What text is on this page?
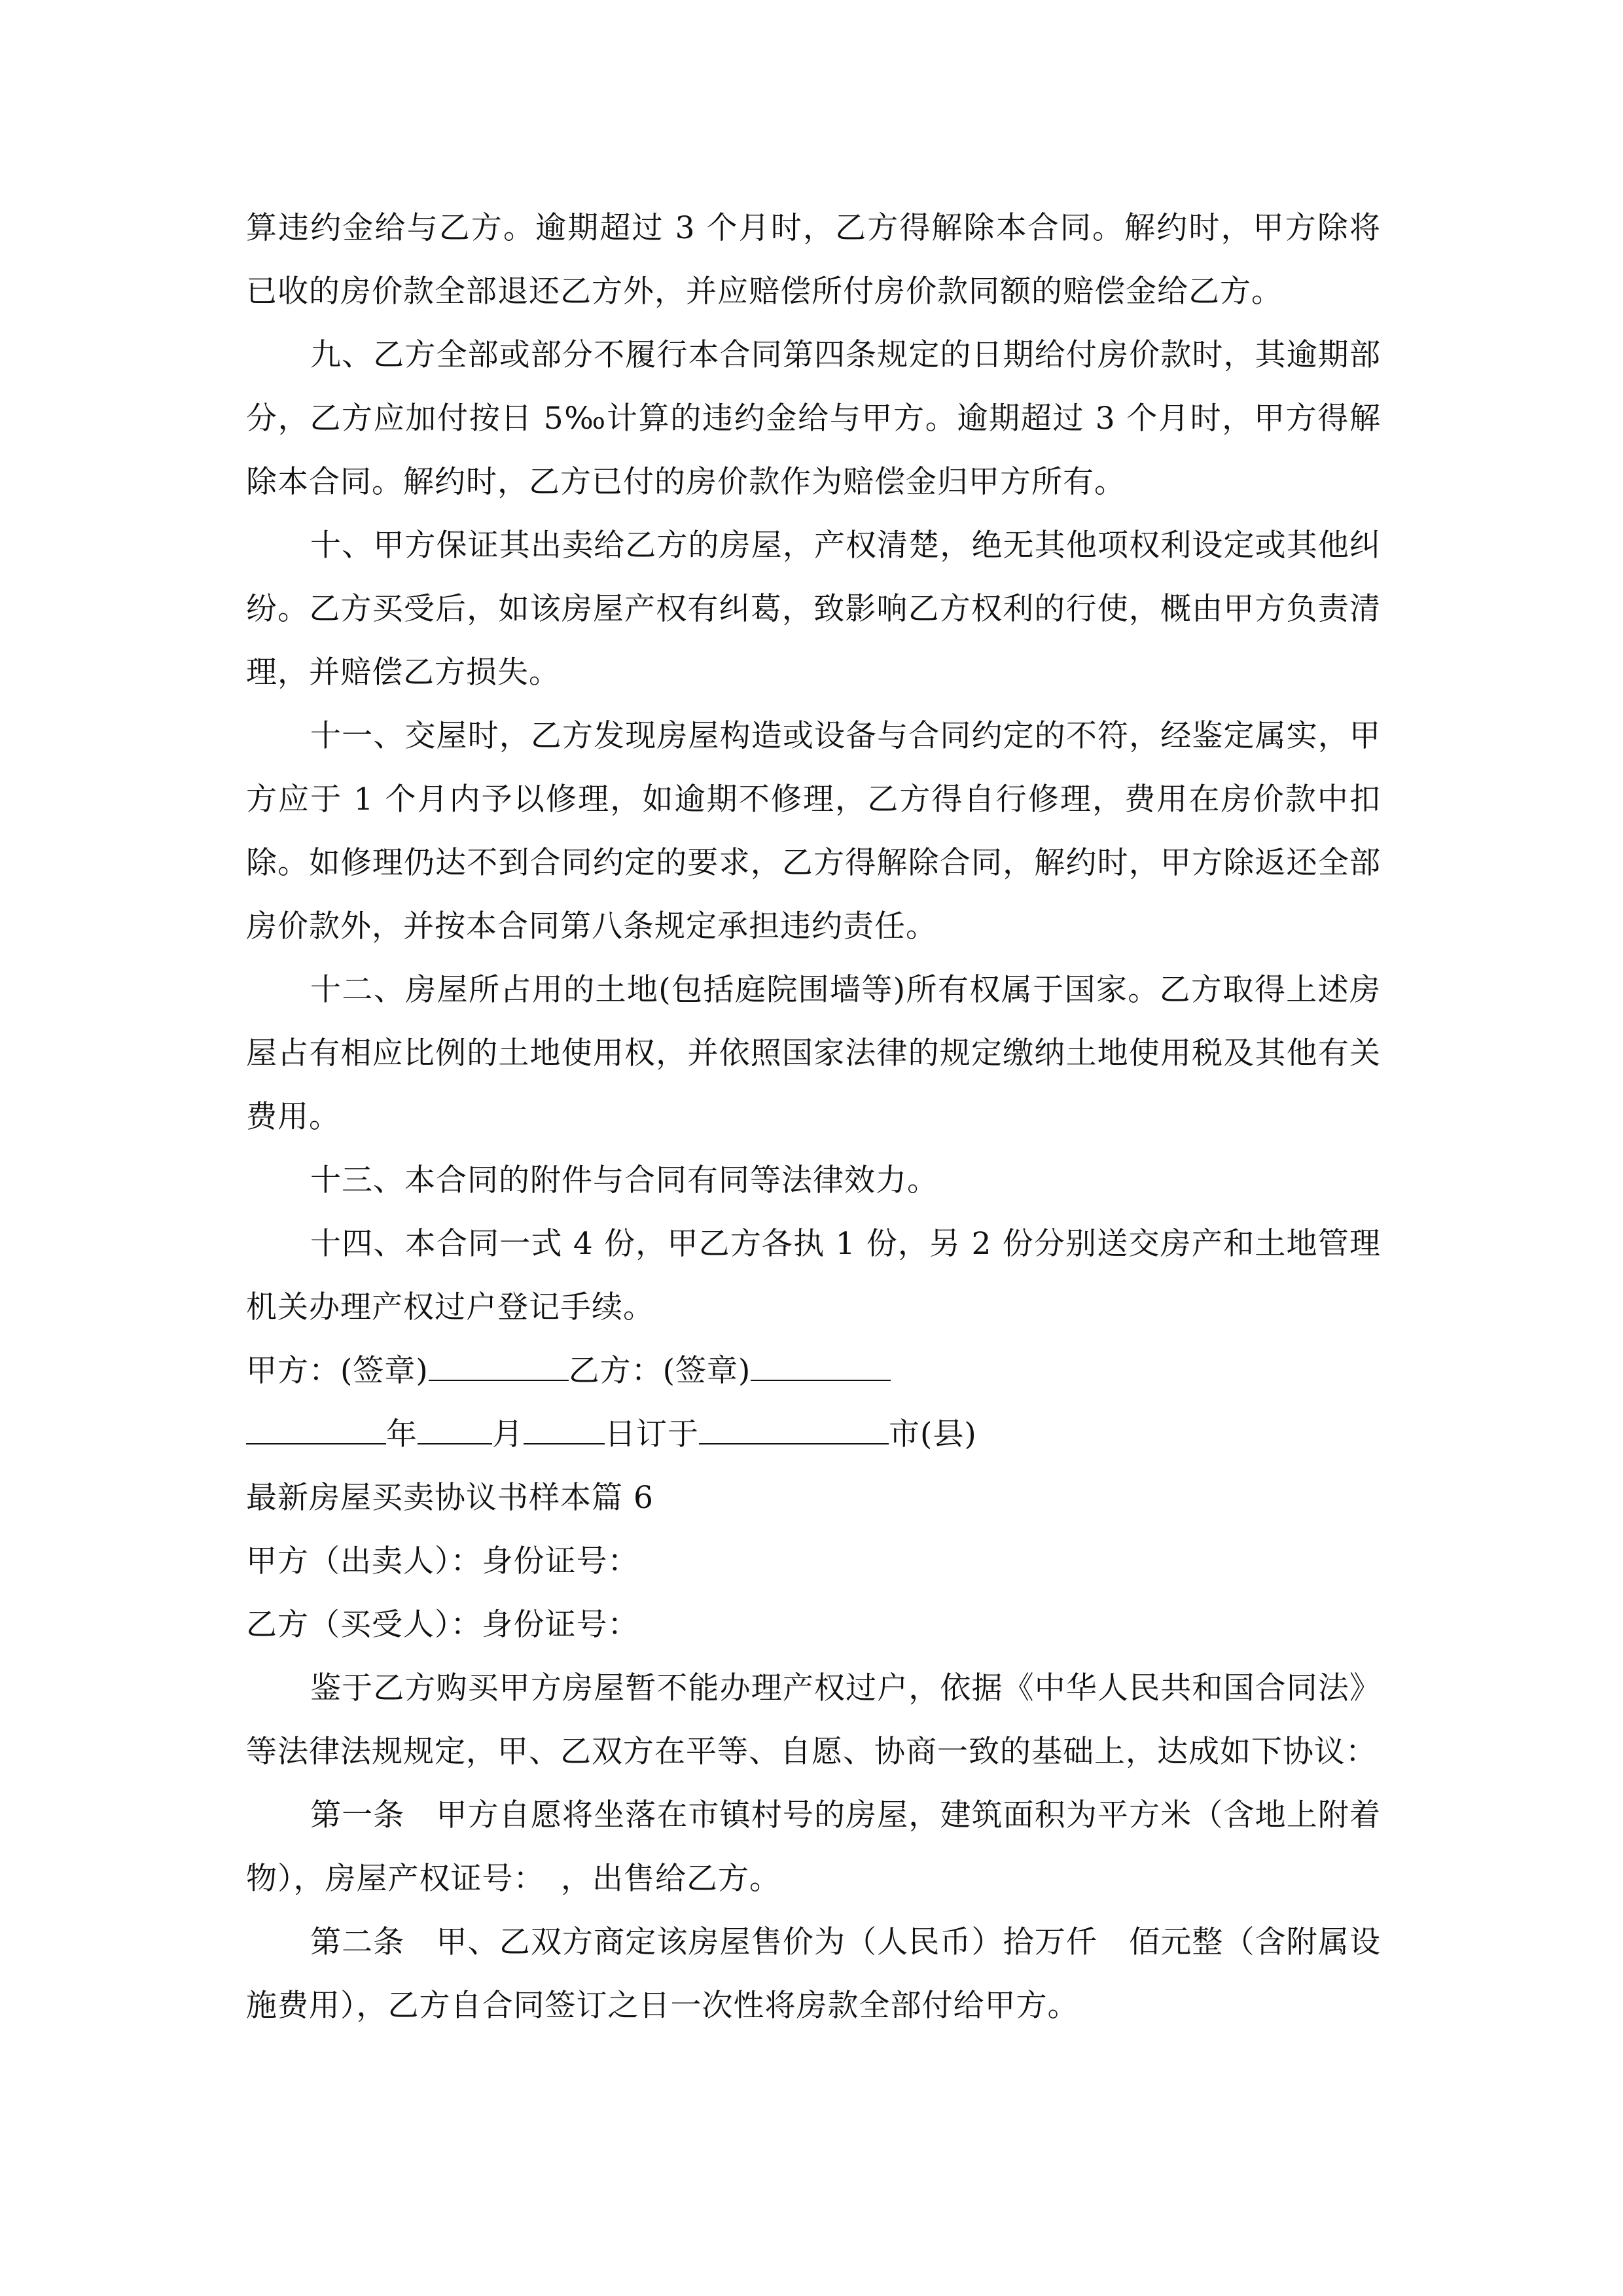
算违约金给与乙方。逾期超过 3 个月时，乙方得解除本合同。解约时，甲方除将已收的房价款全部退还乙方外，并应赔偿所付房价款同额的赔偿金给乙方。

九、乙方全部或部分不履行本合同第四条规定的日期给付房价款时，其逾期部分，乙方应加付按日 5‰计算的违约金给与甲方。逾期超过 3 个月时，甲方得解除本合同。解约时，乙方已付的房价款作为赔偿金归甲方所有。

十、甲方保证其出卖给乙方的房屋，产权清楚，绝无其他项权利设定或其他纠纷。乙方买受后，如该房屋产权有纠葛，致影响乙方权利的行使，概由甲方负责清理，并赔偿乙方损失。

十一、交屋时，乙方发现房屋构造或设备与合同约定的不符，经鉴定属实，甲方应于 1 个月内予以修理，如逾期不修理，乙方得自行修理，费用在房价款中扣除。如修理仍达不到合同约定的要求，乙方得解除合同，解约时，甲方除返还全部房价款外，并按本合同第八条规定承担违约责任。

十二、房屋所占用的土地(包括庭院围墙等)所有权属于国家。乙方取得上述房屋占有相应比例的土地使用权，并依照国家法律的规定缴纳土地使用税及其他有关费用。

十三、本合同的附件与合同有同等法律效力。

十四、本合同一式 4 份，甲乙方各执 1 份，另 2 份分别送交房产和土地管理机关办理产权过户登记手续。

甲方：(签章)	乙方：(签章)

年 月	日订于	市(县)

最新房屋买卖协议书样本篇 6

甲方（出卖人）：身份证号：

乙方（买受人）：身份证号：

鉴于乙方购买甲方房屋暂不能办理产权过户，依据《中华人民共和国合同法》等法律法规规定，甲、乙双方在平等、自愿、协商一致的基础上，达成如下协议：

第一条　甲方自愿将坐落在市镇村号的房屋，建筑面积为平方米（含地上附着物），房屋产权证号：　，出售给乙方。

第二条　甲、乙双方商定该房屋售价为（人民币）拾万仟　佰元整（含附属设施费用），乙方自合同签订之日一次性将房款全部付给甲方。
